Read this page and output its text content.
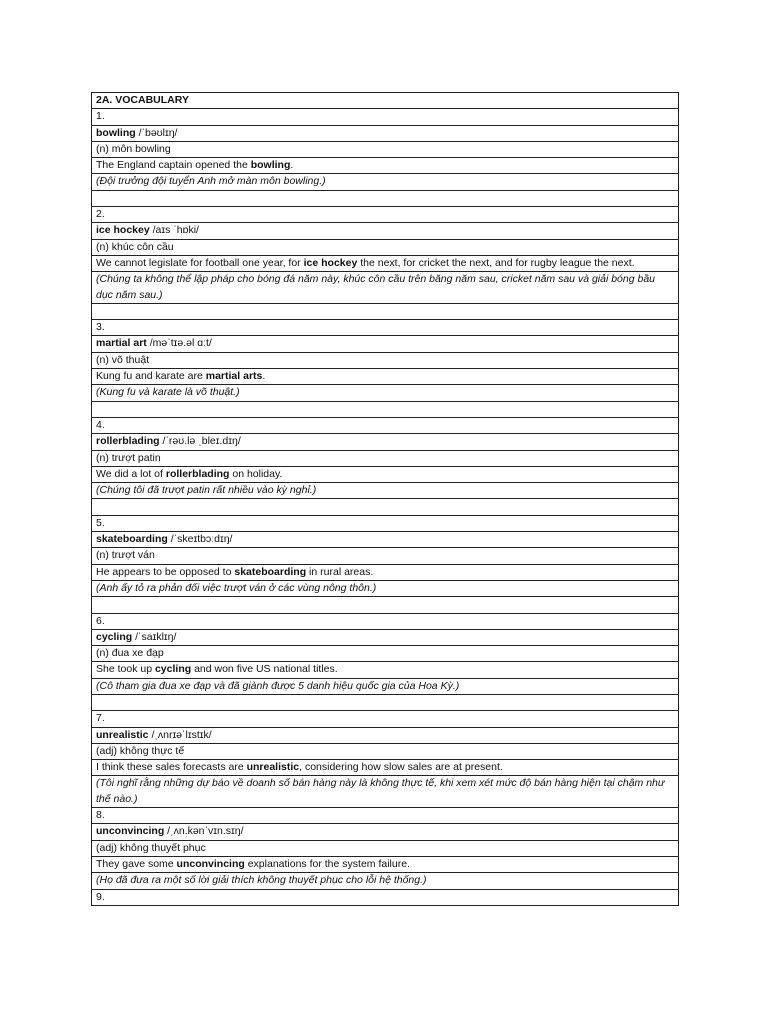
2A. VOCABULARY
1.
bowling /ˈbəʊlɪŋ/
(n) môn bowling
The England captain opened the bowling.
(Đội trưởng đội tuyển Anh mở màn môn bowling.)

2.
ice hockey /aɪs ˈhɒki/
(n) khúc côn cầu
We cannot legislate for football one year, for ice hockey the next, for cricket the next, and for rugby league the next.
(Chúng ta không thể lập pháp cho bóng đá năm này, khúc côn cầu trên băng năm sau, cricket năm sau và giải bóng bầu dục năm sau.)

3.
martial art /məˈtɪə.əl ɑːt/
(n) võ thuật
Kung fu and karate are martial arts.
(Kung fu và karate là võ thuật.)

4.
rollerblading /ˈrəʊ.lə ˌbleɪ.dɪŋ/
(n) trượt patin
We did a lot of rollerblading on holiday.
(Chúng tôi đã trượt patin rất nhiều vào kỳ nghỉ.)

5.
skateboarding /ˈskeɪtbɔːdɪŋ/
(n) trượt ván
He appears to be opposed to skateboarding in rural areas.
(Anh ấy tỏ ra phản đối việc trượt ván ở các vùng nông thôn.)

6.
cycling /ˈsaɪklɪŋ/
(n) đua xe đạp
She took up cycling and won five US national titles.
(Cô tham gia đua xe đạp và đã giành được 5 danh hiệu quốc gia của Hoa Kỳ.)

7.
unrealistic /ˌʌnrɪəˈlɪstɪk/
(adj) không thực tế
I think these sales forecasts are unrealistic, considering how slow sales are at present.
(Tôi nghĩ rằng những dự báo về doanh số bán hàng này là không thực tế, khi xem xét mức độ bán hàng hiện tại chậm như thế nào.)
8.
unconvincing /ˌʌn.kənˈvɪn.sɪŋ/
(adj) không thuyết phục
They gave some unconvincing explanations for the system failure.
(Họ đã đưa ra một số lời giải thích không thuyết phục cho lỗi hệ thống.)
9.
